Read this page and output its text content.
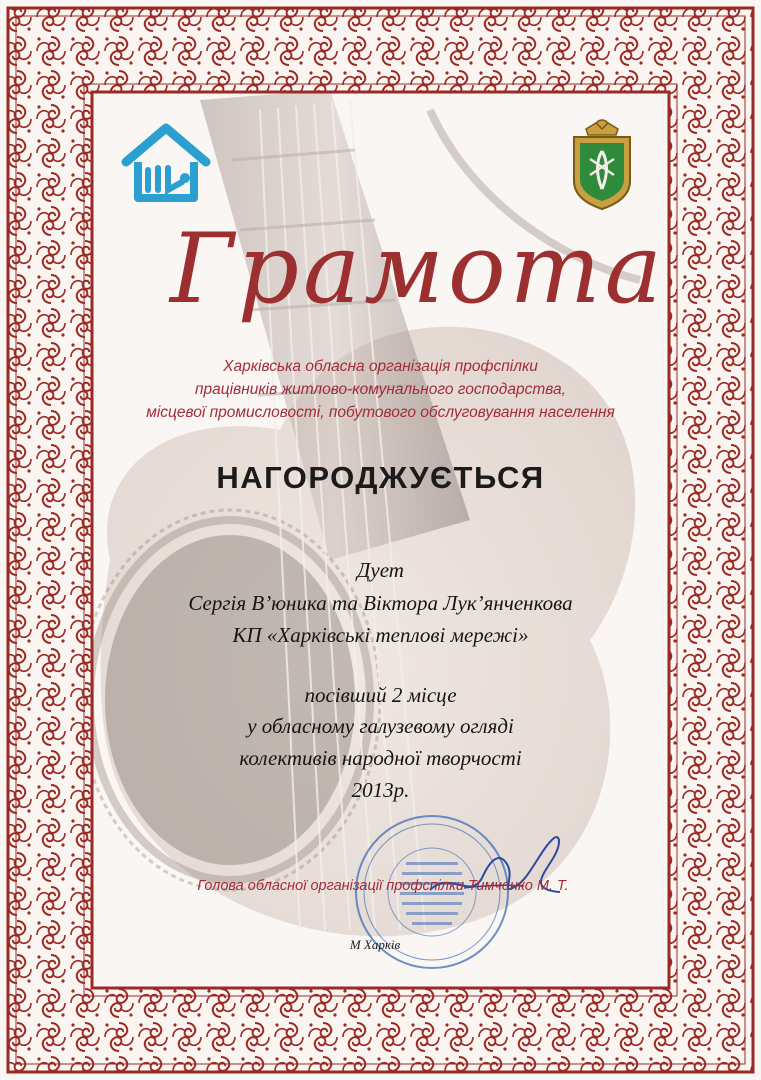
Грамота
Харківська обласна організація профспілки
працівників житлово-комунального господарства,
місцевої промисловості, побутового обслуговування населення
НАГОРОДЖУЄТЬСЯ
Дует
Сергія В’юника та Віктора Лук’янченкова
КП «Харківські теплові мережі»
посівший 2 місце
у обласному галузевому огляді
колективів народної творчості
2013р.
Голова обласної організації профспілки Тимченко М. Т.
М Харків
